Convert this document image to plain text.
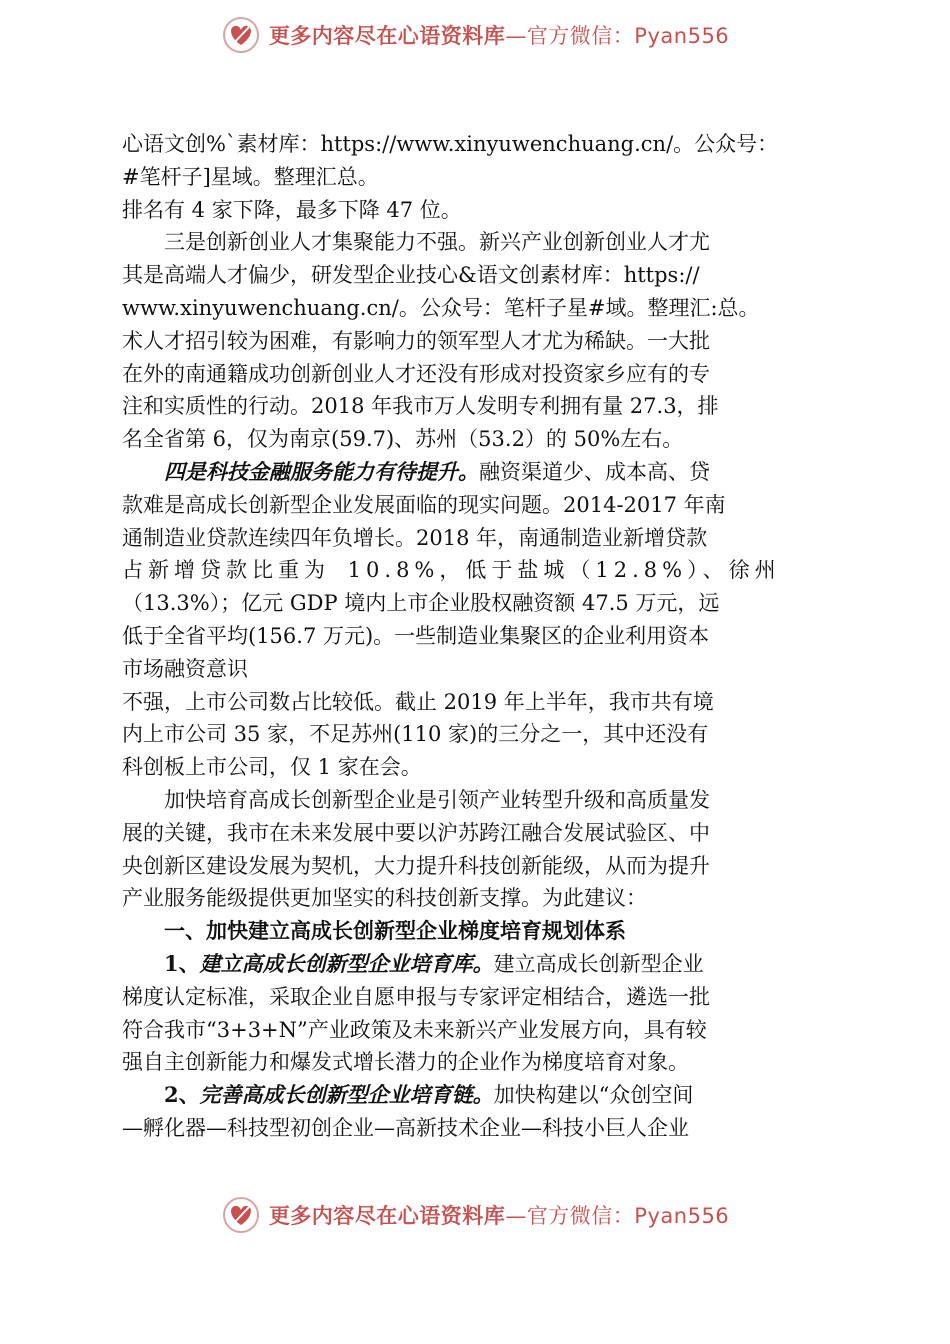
更多内容尽在心语资料库—官方微信：Pyan556

心语文创%`素材库：https://www.xinyuwenchuang.cn/。公众号：

#笔杆子]星域。整理汇总。

排名有 4 家下降，最多下降 47 位。

三是创新创业人才集聚能力不强。新兴产业创新创业人才尤

其是高端人才偏少，研发型企业技心&语文创素材库：https://

www.xinyuwenchuang.cn/。公众号：笔杆子星#域。整理汇:总。

术人才招引较为困难，有影响力的领军型人才尤为稀缺。一大批

在外的南通籍成功创新创业人才还没有形成对投资家乡应有的专

注和实质性的行动。2018 年我市万人发明专利拥有量 27.3，排

名全省第 6，仅为南京(59.7)、苏州（53.2）的 50%左右。

四是科技金融服务能力有待提升。融资渠道少、成本高、贷

款难是高成长创新型企业发展面临的现实问题。2014-2017 年南

通制造业贷款连续四年负增长。2018 年，南通制造业新增贷款

占新增贷款比重为 10.8%，低于盐城（12.8%）、徐州

（13.3%）；亿元 GDP 境内上市企业股权融资额 47.5 万元，远

低于全省平均(156.7 万元)。一些制造业集聚区的企业利用资本

市场融资意识

不强，上市公司数占比较低。截止 2019 年上半年，我市共有境

内上市公司 35 家，不足苏州(110 家)的三分之一，其中还没有

科创板上市公司，仅 1 家在会。

加快培育高成长创新型企业是引领产业转型升级和高质量发

展的关键，我市在未来发展中要以沪苏跨江融合发展试验区、中

央创新区建设发展为契机，大力提升科技创新能级，从而为提升

产业服务能级提供更加坚实的科技创新支撑。为此建议：

一、加快建立高成长创新型企业梯度培育规划体系

1、建立高成长创新型企业培育库。建立高成长创新型企业

梯度认定标准，采取企业自愿申报与专家评定相结合，遴选一批

符合我市“3+3+N”产业政策及未来新兴产业发展方向，具有较

强自主创新能力和爆发式增长潜力的企业作为梯度培育对象。

2、完善高成长创新型企业培育链。加快构建以“众创空间

—孵化器—科技型初创企业—高新技术企业—科技小巨人企业

更多内容尽在心语资料库—官方微信：Pyan556
